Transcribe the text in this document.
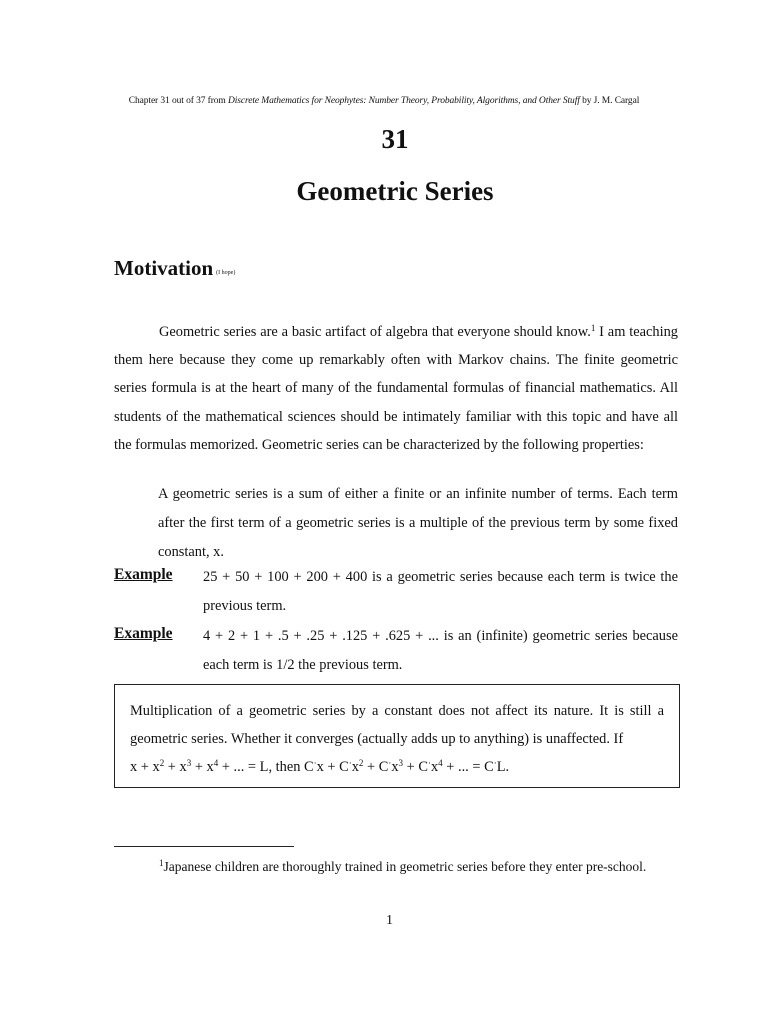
Chapter 31 out of 37 from Discrete Mathematics for Neophytes: Number Theory, Probability, Algorithms, and Other Stuff by J. M. Cargal
31
Geometric Series
Motivation (I hope)
Geometric series are a basic artifact of algebra that everyone should know.$^1$ I am teaching them here because they come up remarkably often with Markov chains. The finite geometric series formula is at the heart of many of the fundamental formulas of financial mathematics. All students of the mathematical sciences should be intimately familiar with this topic and have all the formulas memorized. Geometric series can be characterized by the following properties:
A geometric series is a sum of either a finite or an infinite number of terms. Each term after the first term of a geometric series is a multiple of the previous term by some fixed constant, x.
Example 25 + 50 + 100 + 200 + 400 is a geometric series because each term is twice the previous term.
Example 4 + 2 + 1 + .5 + .25 + .125 + .625 + ... is an (infinite) geometric series because each term is 1/2 the previous term.
Multiplication of a geometric series by a constant does not affect its nature. It is still a geometric series. Whether it converges (actually adds up to anything) is unaffected. If
$x + x^2 + x^3 + x^4$ + ... = L, then $C^\cdot x + C^\cdot x^2 + C^\cdot x^3 + C^\cdot x^4$ + ... = C·L.
$^1$Japanese children are thoroughly trained in geometric series before they enter pre-school.
1
